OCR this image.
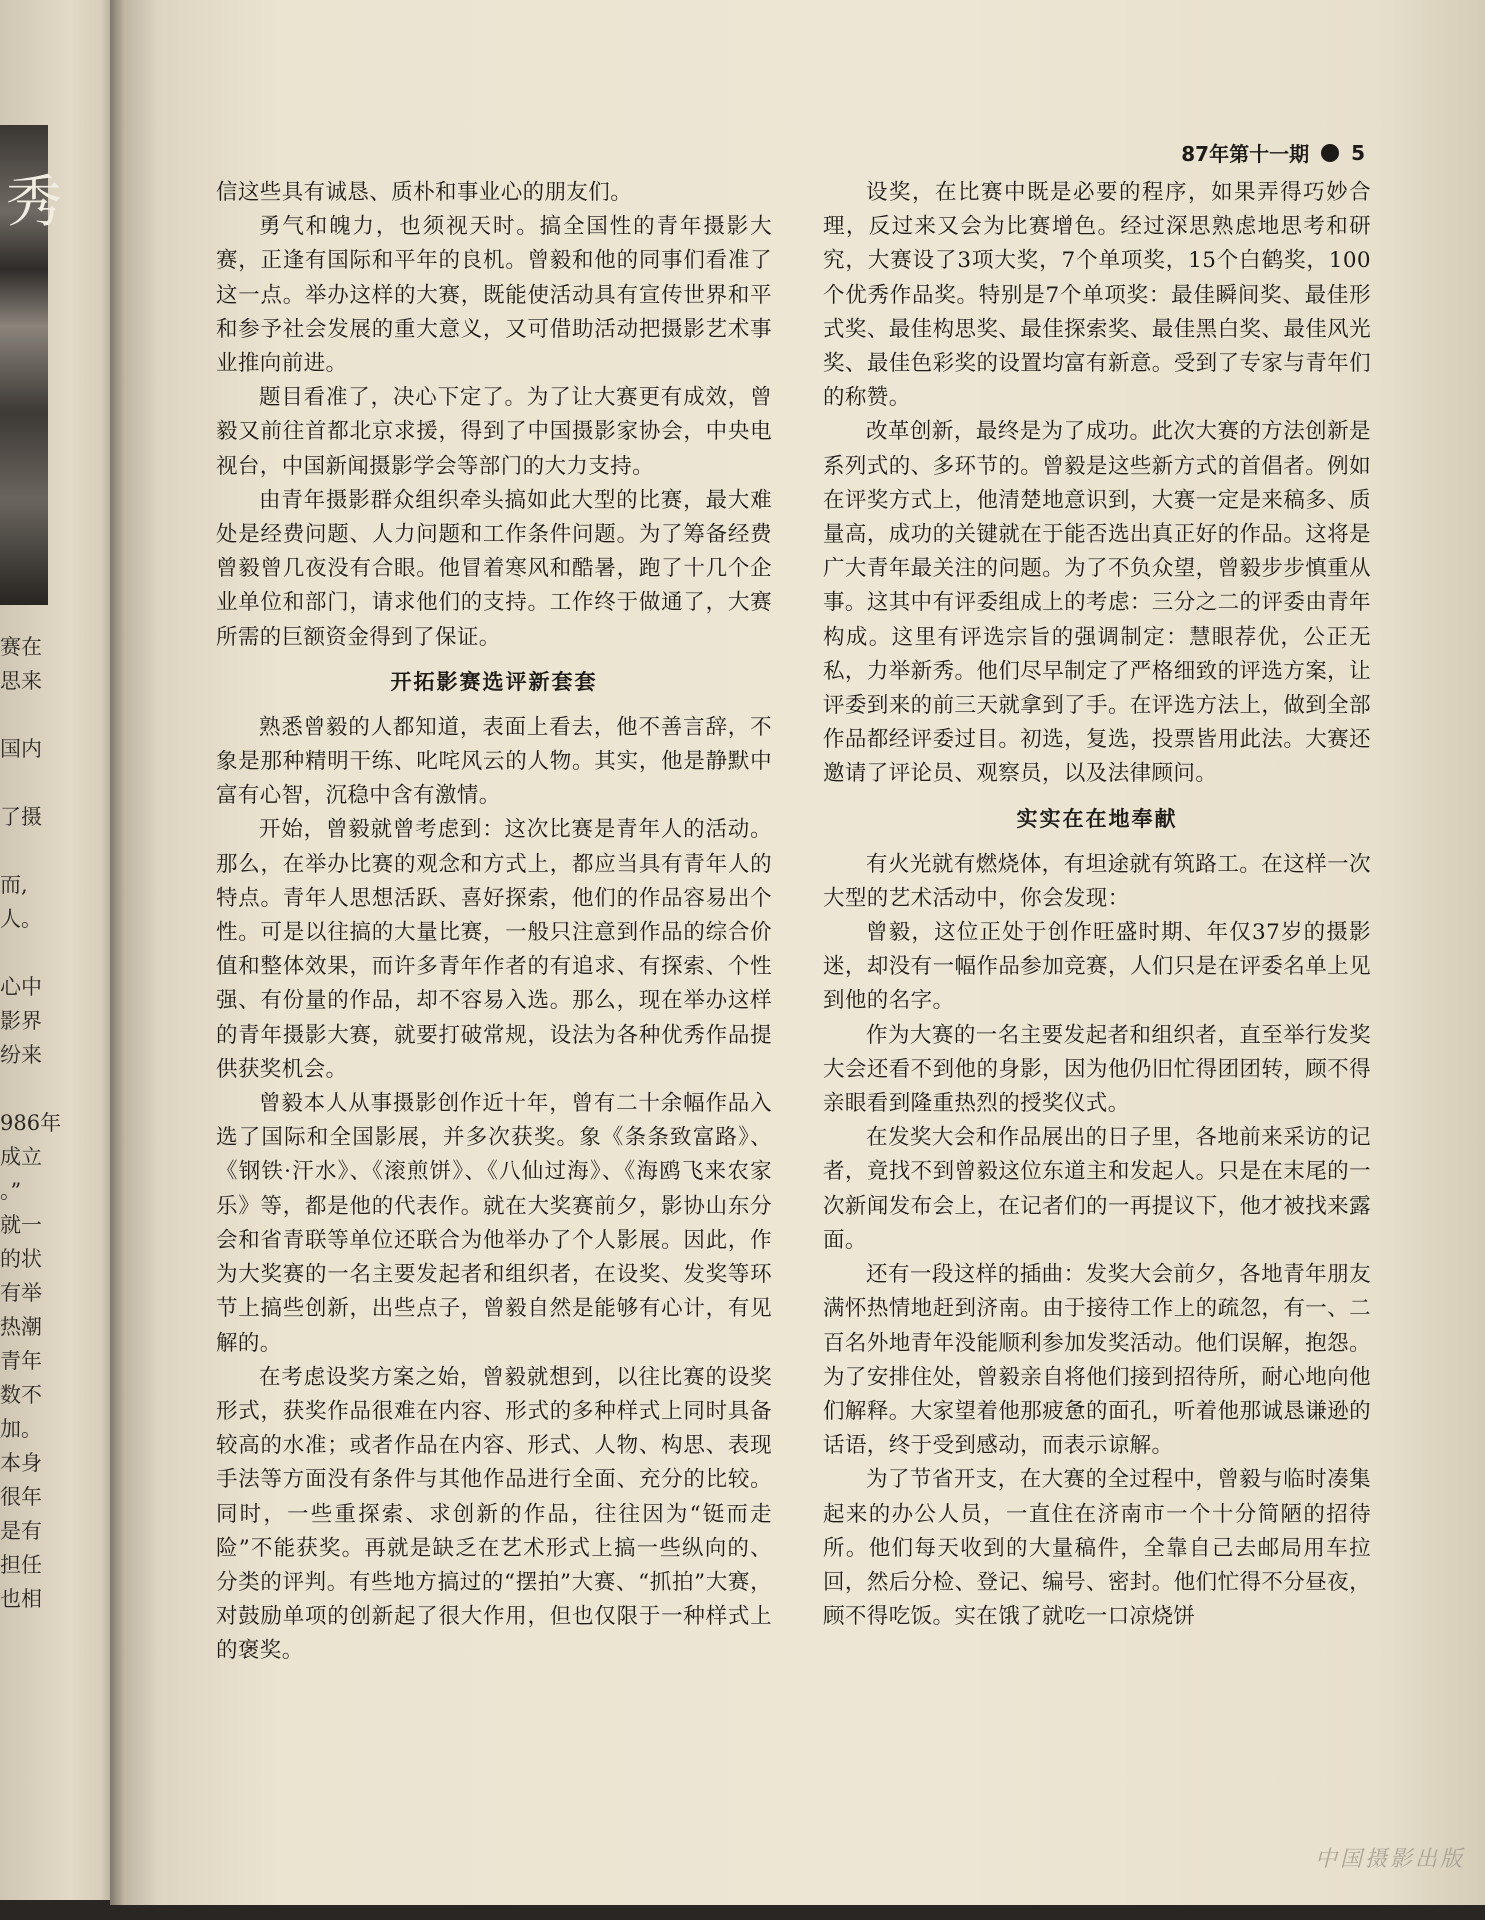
秀
赛在
思来
国内
了摄
而,
人。
心中
影界
纷来
986年
成立
。”
就一
的状
有举
热潮
青年
数不
加。
本身
很年
是有
担任
也相
87年第十一期 5

信这些具有诚恳、质朴和事业心的朋友们。

勇气和魄力，也须视天时。搞全国性的青年摄影大赛，正逢有国际和平年的良机。曾毅和他的同事们看准了这一点。举办这样的大赛，既能使活动具有宣传世界和平和参予社会发展的重大意义，又可借助活动把摄影艺术事业推向前进。

题目看准了，决心下定了。为了让大赛更有成效，曾毅又前往首都北京求援，得到了中国摄影家协会，中央电视台，中国新闻摄影学会等部门的大力支持。

由青年摄影群众组织牵头搞如此大型的比赛，最大难处是经费问题、人力问题和工作条件问题。为了筹备经费曾毅曾几夜没有合眼。他冒着寒风和酷暑，跑了十几个企业单位和部门，请求他们的支持。工作终于做通了，大赛所需的巨额资金得到了保证。

开拓影赛选评新套套

熟悉曾毅的人都知道，表面上看去，他不善言辞，不象是那种精明干练、叱咤风云的人物。其实，他是静默中富有心智，沉稳中含有激情。

开始，曾毅就曾考虑到：这次比赛是青年人的活动。那么，在举办比赛的观念和方式上，都应当具有青年人的特点。青年人思想活跃、喜好探索，他们的作品容易出个性。可是以往搞的大量比赛，一般只注意到作品的综合价值和整体效果，而许多青年作者的有追求、有探索、个性强、有份量的作品，却不容易入选。那么，现在举办这样的青年摄影大赛，就要打破常规，设法为各种优秀作品提供获奖机会。

曾毅本人从事摄影创作近十年，曾有二十余幅作品入选了国际和全国影展，并多次获奖。象《条条致富路》、《钢铁·汗水》、《滚煎饼》、《八仙过海》、《海鸥飞来农家乐》等，都是他的代表作。就在大奖赛前夕，影协山东分会和省青联等单位还联合为他举办了个人影展。因此，作为大奖赛的一名主要发起者和组织者，在设奖、发奖等环节上搞些创新，出些点子，曾毅自然是能够有心计，有见解的。

在考虑设奖方案之始，曾毅就想到，以往比赛的设奖形式，获奖作品很难在内容、形式的多种样式上同时具备较高的水准；或者作品在内容、形式、人物、构思、表现手法等方面没有条件与其他作品进行全面、充分的比较。同时，一些重探索、求创新的作品，往往因为“铤而走险”不能获奖。再就是缺乏在艺术形式上搞一些纵向的、分类的评判。有些地方搞过的“摆拍”大赛、“抓拍”大赛，对鼓励单项的创新起了很大作用，但也仅限于一种样式上的褒奖。

设奖，在比赛中既是必要的程序，如果弄得巧妙合理，反过来又会为比赛增色。经过深思熟虑地思考和研究，大赛设了3项大奖，7个单项奖，15个白鹤奖，100个优秀作品奖。特别是7个单项奖：最佳瞬间奖、最佳形式奖、最佳构思奖、最佳探索奖、最佳黑白奖、最佳风光奖、最佳色彩奖的设置均富有新意。受到了专家与青年们的称赞。

改革创新，最终是为了成功。此次大赛的方法创新是系列式的、多环节的。曾毅是这些新方式的首倡者。例如在评奖方式上，他清楚地意识到，大赛一定是来稿多、质量高，成功的关键就在于能否选出真正好的作品。这将是广大青年最关注的问题。为了不负众望，曾毅步步慎重从事。这其中有评委组成上的考虑：三分之二的评委由青年构成。这里有评选宗旨的强调制定：慧眼荐优，公正无私，力举新秀。他们尽早制定了严格细致的评选方案，让评委到来的前三天就拿到了手。在评选方法上，做到全部作品都经评委过目。初选，复选，投票皆用此法。大赛还邀请了评论员、观察员，以及法律顾问。

实实在在地奉献

有火光就有燃烧体，有坦途就有筑路工。在这样一次大型的艺术活动中，你会发现：

曾毅，这位正处于创作旺盛时期、年仅37岁的摄影迷，却没有一幅作品参加竞赛，人们只是在评委名单上见到他的名字。

作为大赛的一名主要发起者和组织者，直至举行发奖大会还看不到他的身影，因为他仍旧忙得团团转，顾不得亲眼看到隆重热烈的授奖仪式。

在发奖大会和作品展出的日子里，各地前来采访的记者，竟找不到曾毅这位东道主和发起人。只是在末尾的一次新闻发布会上，在记者们的一再提议下，他才被找来露面。

还有一段这样的插曲：发奖大会前夕，各地青年朋友满怀热情地赶到济南。由于接待工作上的疏忽，有一、二百名外地青年没能顺利参加发奖活动。他们误解，抱怨。为了安排住处，曾毅亲自将他们接到招待所，耐心地向他们解释。大家望着他那疲惫的面孔，听着他那诚恳谦逊的话语，终于受到感动，而表示谅解。

为了节省开支，在大赛的全过程中，曾毅与临时凑集起来的办公人员，一直住在济南市一个十分简陋的招待所。他们每天收到的大量稿件，全靠自己去邮局用车拉回，然后分检、登记、编号、密封。他们忙得不分昼夜，顾不得吃饭。实在饿了就吃一口凉烧饼

中国摄影出版
